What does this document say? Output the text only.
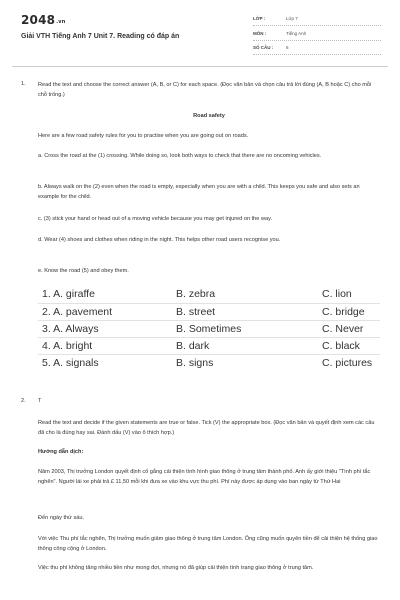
2048.vn
Giải VTH Tiếng Anh 7 Unit 7. Reading có đáp án
LỚP :	Lớp 7
MÔN :	Tiếng Anh
SỐ CÂU :	6
1. Read the text and choose the correct answer (A, B, or C) for each space. (Đọc văn bản và chọn câu trả lời đúng (A, B hoặc C) cho mỗi chỗ trống.)
Road safety
Here are a few road safety rules for you to practise when you are going out on roads.
a. Cross the road at the (1) crossing. While doing so, look both ways to check that there are no oncoming vehicles.
b. Always walk on the (2) even when the road is empty, especially when you are with a child. This keeps you safe and also sets an example for the child.
c. (3) stick your hand or head out of a moving vehicle because you may get injured on the way.
d. Wear (4) shoes and clothes when riding in the night. This helps other road users recognise you.
e. Know the road (5) and obey them.
1. A. giraffe	B. zebra	C. lion
2. A. pavement	B. street	C. bridge
3. A. Always	B. Sometimes	C. Never
4. A. bright	B. dark	C. black
5. A. signals	B. signs	C. pictures
2. T
Read the text and decide if the given statements are true or false. Tick (V) the appropriate box. (Đọc văn bản và quyết định xem các câu đã cho là đúng hay sai. Đánh dấu (V) vào ô thích hợp.)
Hướng dẫn dịch:
Năm 2003, Thị trưởng London quyết định cố gắng cải thiện tình hình giao thông ở trung tâm thành phố. Anh ấy giới thiệu "Tình phí tắc nghẽn". Người lái xe phải trả £ 11,50 mỗi khi đưa xe vào khu vực thu phí. Phí này được áp dụng vào ban ngày từ Thứ Hai
Đến ngày thứ sáu.
Với việc Thu phí tắc nghẽn, Thị trưởng muốn giảm giao thông ở trung tâm London. Ông cũng muốn quyên tiền để cải thiện hệ thống giao thông công cộng ở London.
Việc thu phí không tăng nhiều tiền như mong đợi, nhưng nó đã giúp cải thiện tình trạng giao thông ở trung tâm.
